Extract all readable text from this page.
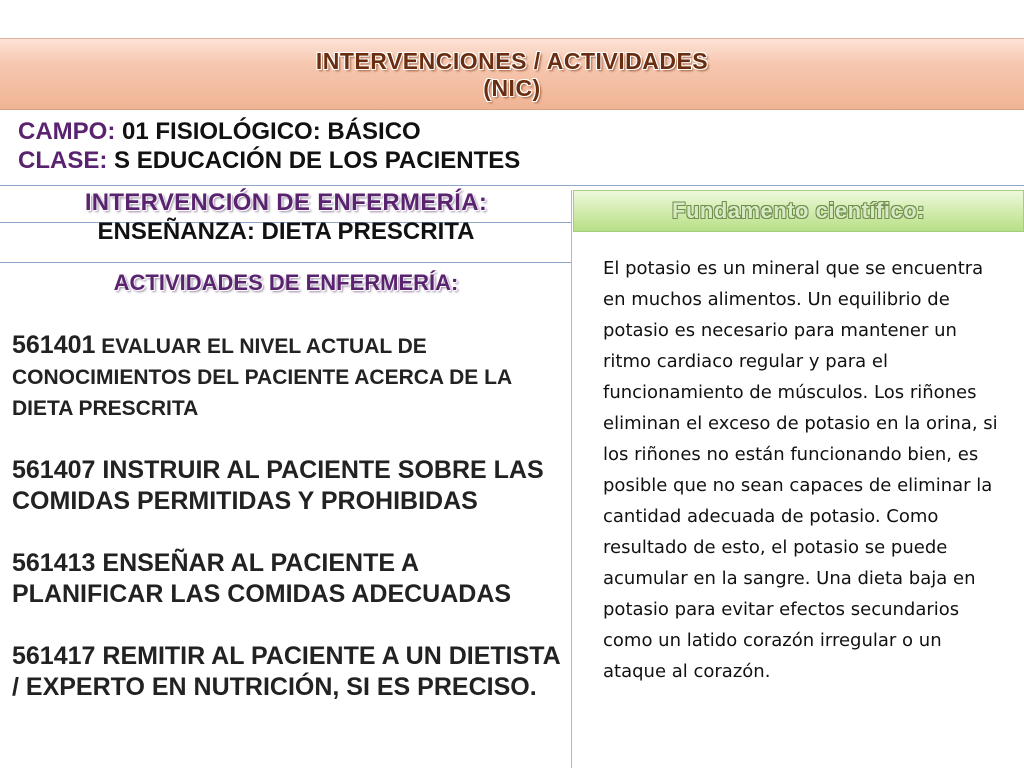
INTERVENCIONES / ACTIVIDADES
(NIC)
CAMPO: 01 FISIOLÓGICO: BÁSICO
CLASE: S EDUCACIÓN DE LOS PACIENTES
INTERVENCIÓN DE ENFERMERÍA:
ENSEÑANZA: DIETA PRESCRITA
ACTIVIDADES DE ENFERMERÍA:
561401 EVALUAR EL NIVEL ACTUAL DE CONOCIMIENTOS DEL PACIENTE ACERCA DE LA DIETA PRESCRITA
561407 INSTRUIR AL PACIENTE SOBRE LAS COMIDAS PERMITIDAS Y PROHIBIDAS
561413 ENSEÑAR AL PACIENTE A PLANIFICAR LAS COMIDAS ADECUADAS
561417 REMITIR AL PACIENTE A UN DIETISTA / EXPERTO EN NUTRICIÓN, SI ES PRECISO.
Fundamento científico:
El potasio es un mineral que se encuentra en muchos alimentos. Un equilibrio de potasio es necesario para mantener un ritmo cardiaco regular y para el funcionamiento de músculos. Los riñones eliminan el exceso de potasio en la orina, si los riñones no están funcionando bien, es posible que no sean capaces de eliminar la cantidad adecuada de potasio. Como resultado de esto, el potasio se puede acumular en la sangre. Una dieta baja en potasio para evitar efectos secundarios como un latido corazón irregular o un ataque al corazón.
